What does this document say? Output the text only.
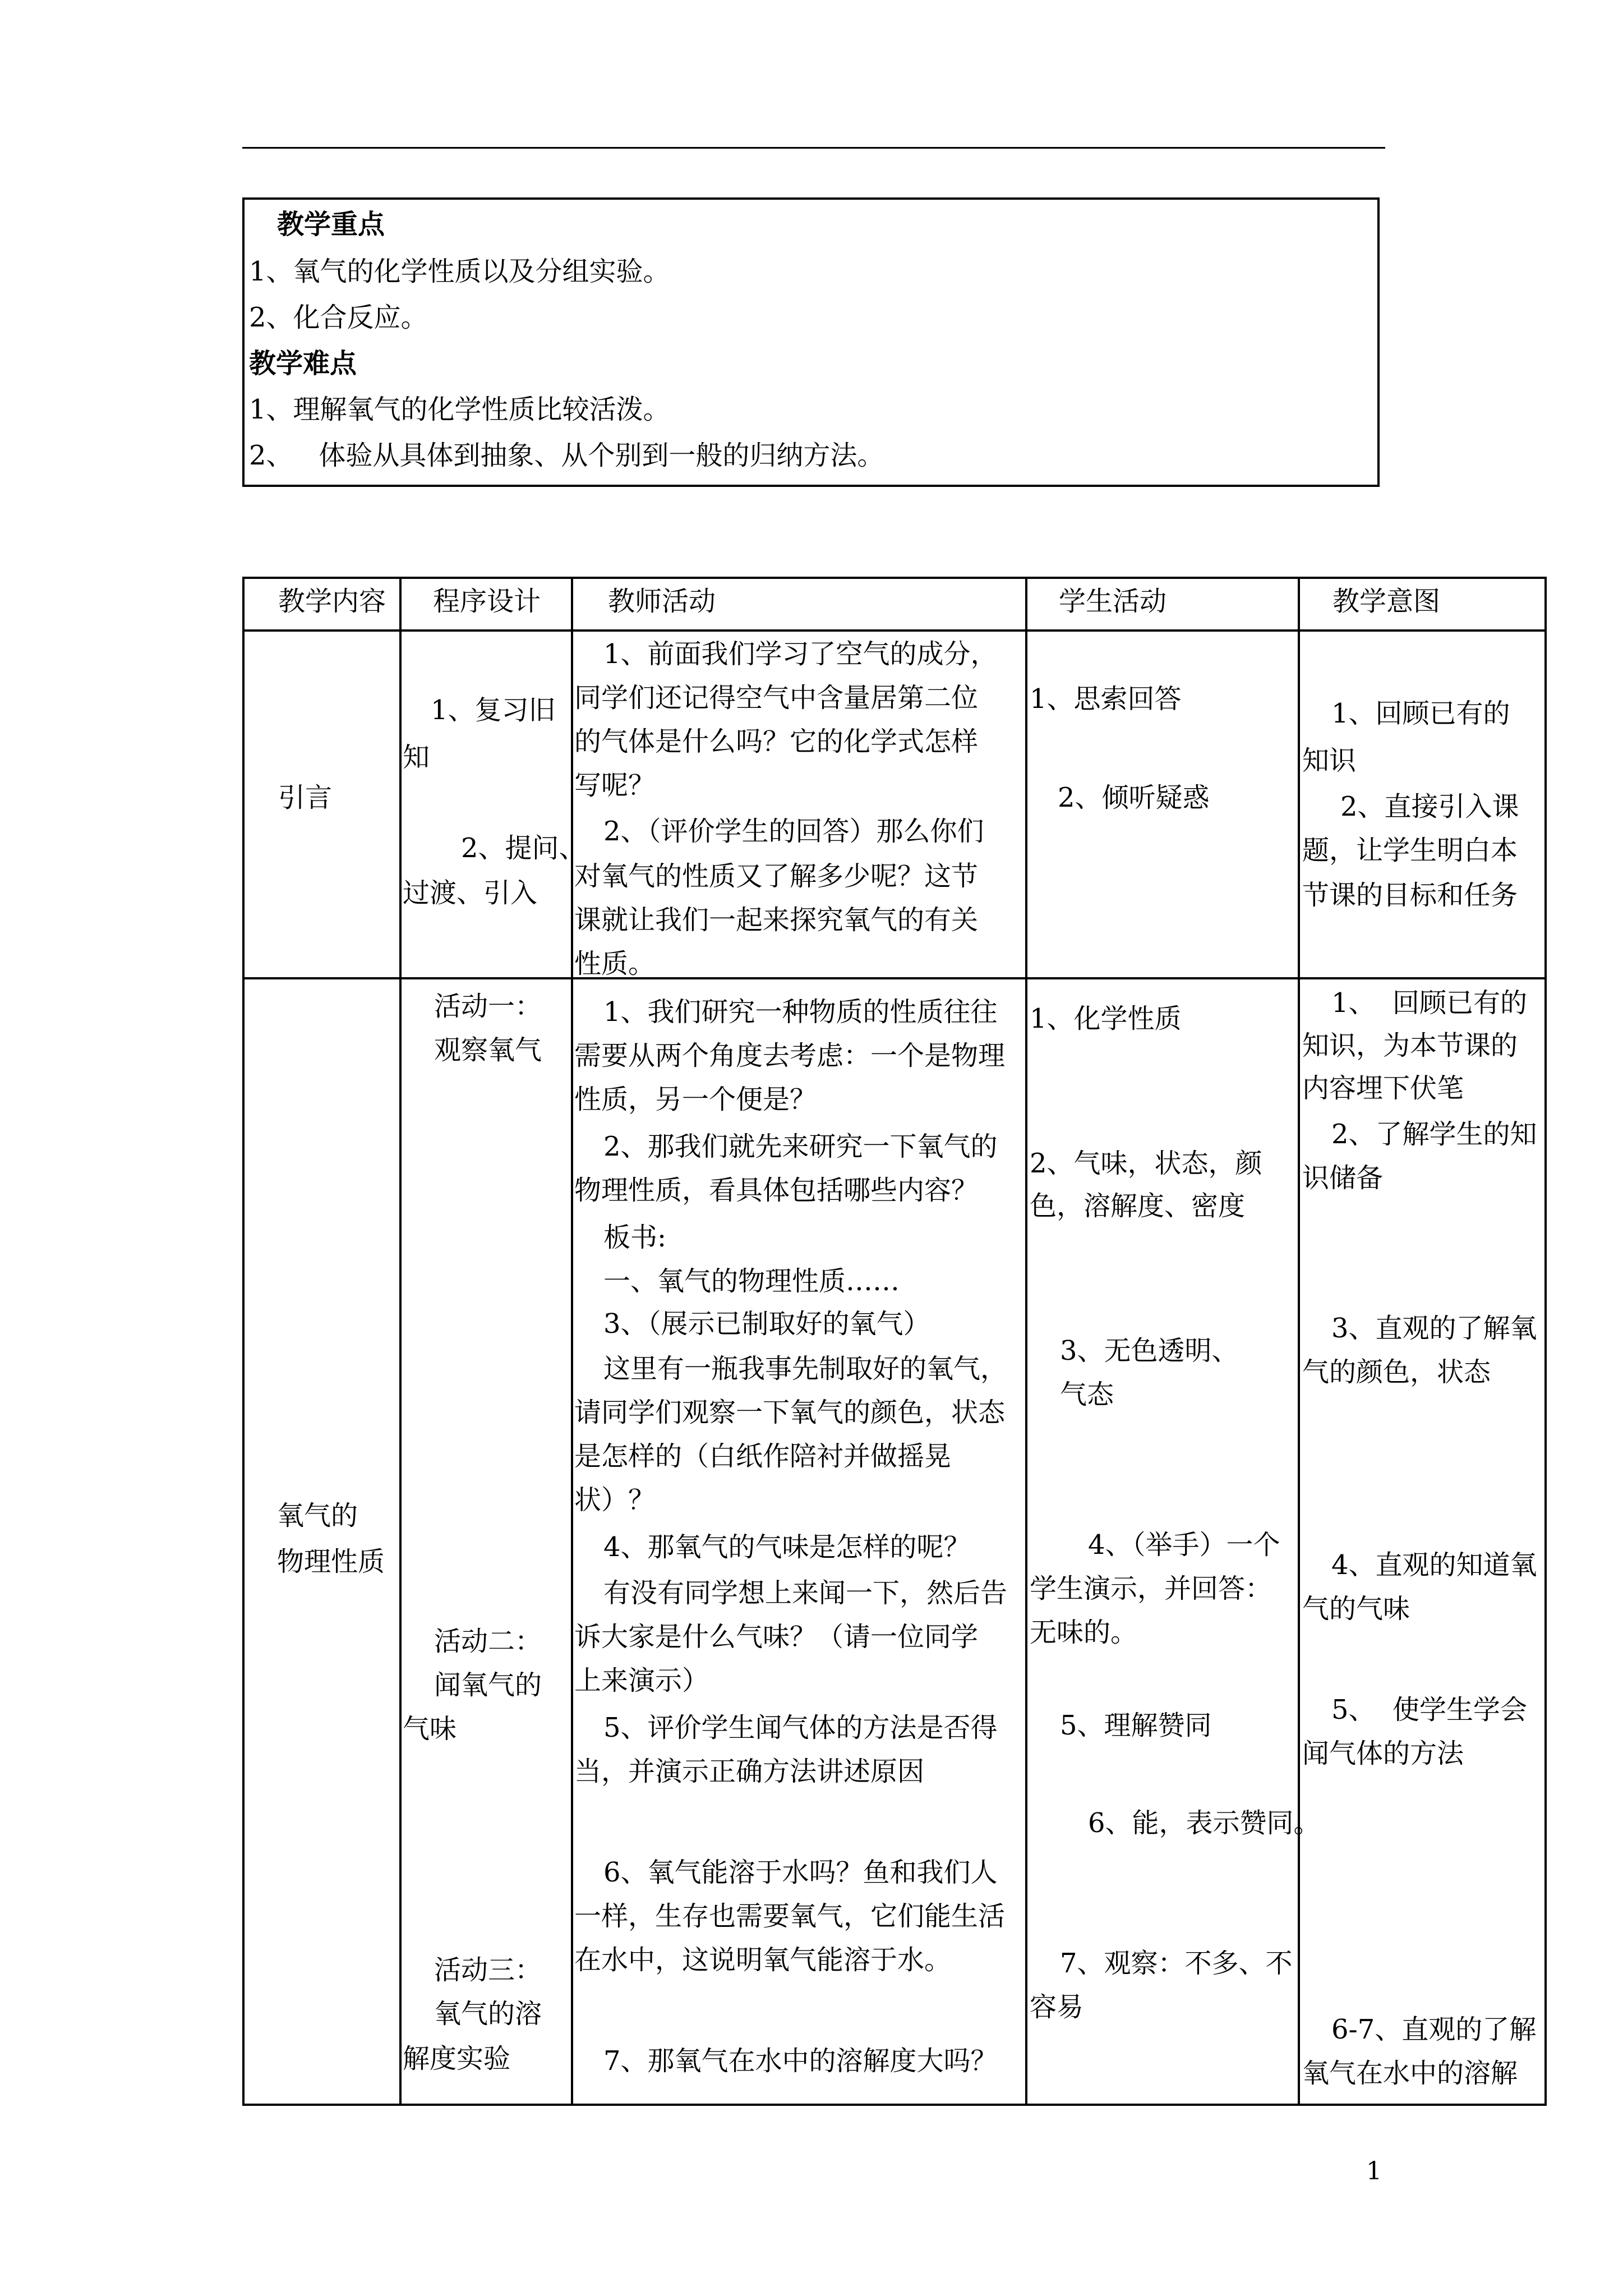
教学重点
1、氧气的化学性质以及分组实验。
2、化合反应。
教学难点
1、理解氧气的化学性质比较活泼。
2、   体验从具体到抽象、从个别到一般的归纳方法。
教学内容 程序设计 教师活动	学生活动	教学意图
引言
1、复习旧
知
2、提问、
过渡、引入
1、前面我们学习了空气的成分，
同学们还记得空气中含量居第二位
的气体是什么吗？它的化学式怎样
写呢？
2、（评价学生的回答）那么你们
对氧气的性质又了解多少呢？这节
课就让我们一起来探究氧气的有关
性质。
1、思索回答
2、倾听疑惑
1、回顾已有的
知识
2、直接引入课
题，让学生明白本
节课的目标和任务
氧气的
物理性质
活动一：
观察氧气
活动二：
闻氧气的
气味
活动三：
氧气的溶
解度实验
1、我们研究一种物质的性质往往
需要从两个角度去考虑：一个是物理
性质，另一个便是？
2、那我们就先来研究一下氧气的
物理性质，看具体包括哪些内容？
板书:
一、氧气的物理性质……
3、（展示已制取好的氧气）
这里有一瓶我事先制取好的氧气，
请同学们观察一下氧气的颜色，状态
是怎样的（白纸作陪衬并做摇晃
状）？
4、那氧气的气味是怎样的呢？
有没有同学想上来闻一下，然后告
诉大家是什么气味？（请一位同学
上来演示）
5、评价学生闻气体的方法是否得
当，并演示正确方法讲述原因
6、氧气能溶于水吗？鱼和我们人
一样，生存也需要氧气，它们能生活
在水中，这说明氧气能溶于水。
7、那氧气在水中的溶解度大吗？
1、化学性质
2、气味，状态，颜
色，溶解度、密度
3、无色透明、
气态
4、（举手）一个
学生演示，并回答：
无味的。
5、理解赞同
6、能，表示赞同。
7、观察：不多、不
容易
1、  回顾已有的
知识，为本节课的
内容埋下伏笔
2、了解学生的知
识储备
3、直观的了解氧
气的颜色，状态
4、直观的知道氧
气的气味
5、  使学生学会
闻气体的方法
6-7、直观的了解
氧气在水中的溶解
1
